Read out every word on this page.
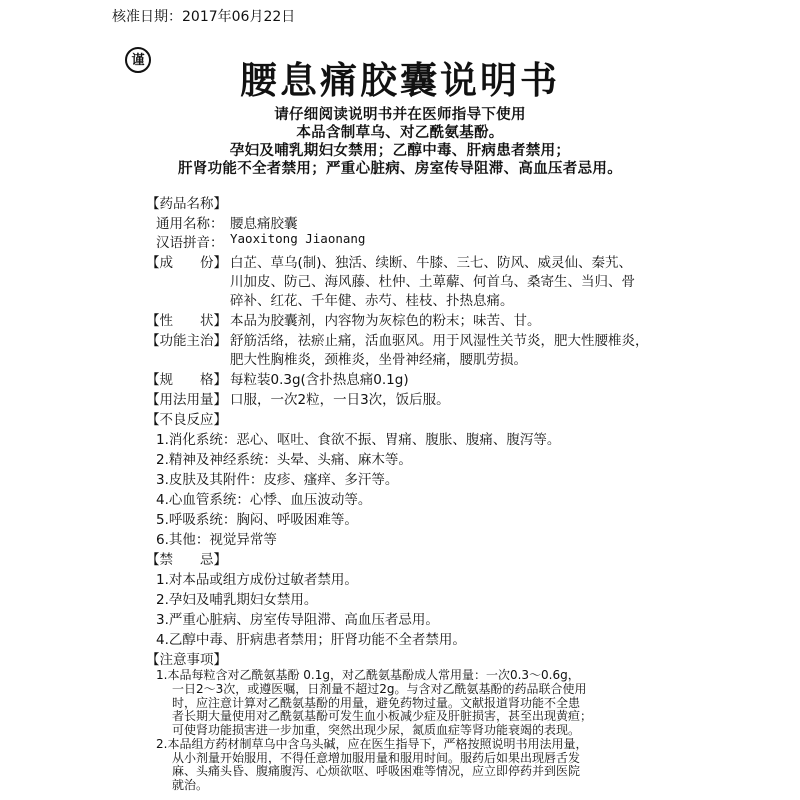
核准日期：2017年06月22日
谨	腰息痛胶囊说明书
请仔细阅读说明书并在医师指导下使用
本品含制草乌、对乙酰氨基酚。
孕妇及哺乳期妇女禁用；乙醇中毒、肝病患者禁用；
肝肾功能不全者禁用；严重心脏病、房室传导阻滞、高血压者忌用。
【药品名称】
通用名称： 腰息痛胶囊
汉语拼音： Yaoxitong Jiaonang
【成　　份】 白芷、草乌(制)、独活、续断、牛膝、三七、防风、威灵仙、秦艽、
川加皮、防己、海风藤、杜仲、土萆薢、何首乌、桑寄生、当归、骨
碎补、红花、千年健、赤芍、桂枝、扑热息痛。
【性　　状】 本品为胶囊剂，内容物为灰棕色的粉末；味苦、甘。
【功能主治】 舒筋活络，祛瘀止痛，活血驱风。用于风湿性关节炎，肥大性腰椎炎，
肥大性胸椎炎，颈椎炎，坐骨神经痛，腰肌劳损。
【规　　格】 每粒装0.3g(含扑热息痛0.1g)
【用法用量】 口服，一次2粒，一日3次，饭后服。
【不良反应】
1.消化系统：恶心、呕吐、食欲不振、胃痛、腹胀、腹痛、腹泻等。
2.精神及神经系统：头晕、头痛、麻木等。
3.皮肤及其附件：皮疹、瘙痒、多汗等。
4.心血管系统：心悸、血压波动等。
5.呼吸系统：胸闷、呼吸困难等。
6.其他：视觉异常等
【禁　　忌】
1.对本品或组方成份过敏者禁用。
2.孕妇及哺乳期妇女禁用。
3.严重心脏病、房室传导阻滞、高血压者忌用。
4.乙醇中毒、肝病患者禁用；肝肾功能不全者禁用。
【注意事项】
1.本品每粒含对乙酰氨基酚 0.1g，对乙酰氨基酚成人常用量：一次0.3～0.6g，
一日2～3次，或遵医嘱，日剂量不超过2g。与含对乙酰氨基酚的药品联合使用
时，应注意计算对乙酰氨基酚的用量，避免药物过量。文献报道肾功能不全患
者长期大量使用对乙酰氨基酚可发生血小板减少症及肝脏损害，甚至出现黄疸；
可使肾功能损害进一步加重，突然出现少尿，氮质血症等肾功能衰竭的表现。
2.本品组方药材制草乌中含乌头碱，应在医生指导下，严格按照说明书用法用量，
从小剂量开始服用，不得任意增加服用量和服用时间。服药后如果出现唇舌发
麻、头痛头昏、腹痛腹泻、心烦欲呕、呼吸困难等情况，应立即停药并到医院
就治。
